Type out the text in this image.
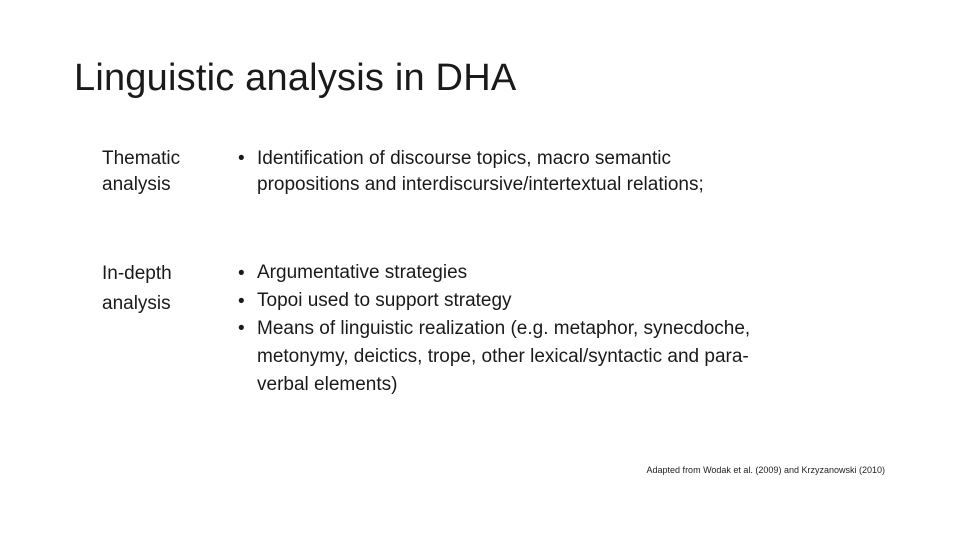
Linguistic analysis in DHA
Thematic
analysis
• Identification of discourse topics, macro semantic
propositions and interdiscursive/intertextual relations;
In-depth
analysis
• Argumentative strategies
• Topoi used to support strategy
• Means of linguistic realization (e.g. metaphor, synecdoche,
metonymy, deictics, trope, other lexical/syntactic and para-
verbal elements)
Adapted from Wodak et al. (2009) and Krzyzanowski (2010)
